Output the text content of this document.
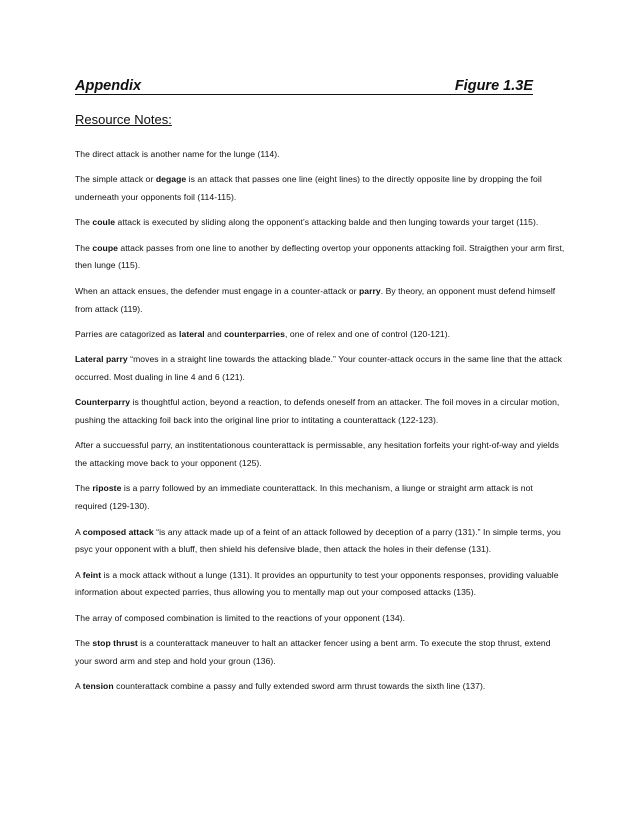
Appendix	Figure 1.3E
Resource Notes:

The direct attack is another name for the lunge (114).

The simple attack or degage is an attack that passes one line (eight lines) to the directly opposite line by dropping the foil underneath your opponents foil (114-115).

The coule attack is executed by sliding along the opponent’s attacking balde and then lunging towards your target (115).

The coupe attack passes from one line to another by deflecting overtop your opponents attacking foil. Straigthen your arm first, then lunge (115).

When an attack ensues, the defender must engage in a counter-attack or parry. By theory, an opponent must defend himself from attack (119).

Parries are catagorized as lateral and counterparries, one of relex and one of control (120-121).

Lateral parry “moves in a straight line towards the attacking blade.” Your counter-attack occurs in the same line that the attack occurred. Most dualing in line 4 and 6 (121).

Counterparry is thoughtful action, beyond a reaction, to defends oneself from an attacker. The foil moves in a circular motion, pushing the attacking foil back into the original line prior to intitating a counterattack (122-123).

After a succuessful parry, an institentationous counterattack is permissable, any hesitation forfeits your right-of-way and yields the attacking move back to your opponent (125).

The riposte is a parry followed by an immediate counterattack. In this mechanism, a liunge or straight arm attack is not required (129-130).

A composed attack “is any attack made up of a feint of an attack followed by deception of a parry (131).” In simple terms, you psyc your opponent with a bluff, then shield his defensive blade, then attack the holes in their defense (131).

A feint is a mock attack without a lunge (131). It provides an oppurtunity to test your opponents responses, providing valuable information about expected parries, thus allowing you to mentally map out your composed attacks (135).

The array of composed combination is limited to the reactions of your opponent (134).

The stop thrust is a counterattack maneuver to halt an attacker fencer using a bent arm. To execute the stop thrust, extend your sword arm and step and hold your groun (136).

A tension counterattack combine a passy and fully extended sword arm thrust towards the sixth line (137).
